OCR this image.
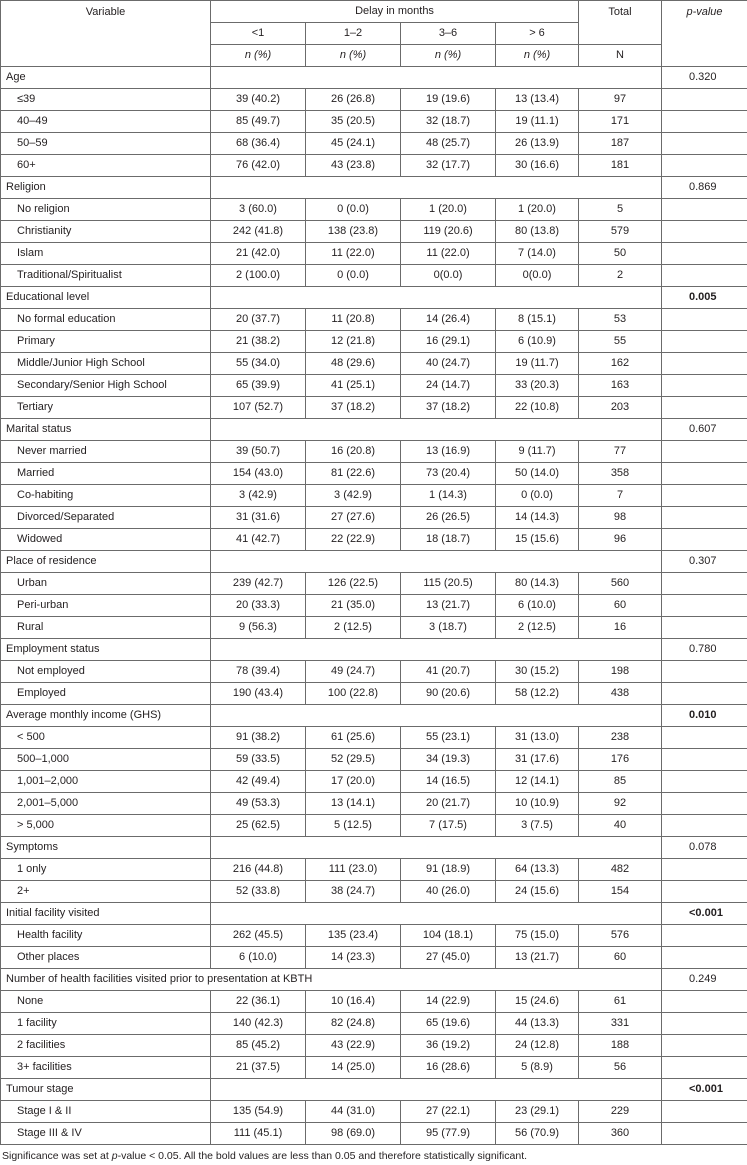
Variable	Delay in months				Total	p-value
	<1	1–2	3–6	> 6		
	n (%)	n (%)	n (%)	n (%)	N	
Age						0.320
≤39	39 (40.2)	26 (26.8)	19 (19.6)	13 (13.4)	97	
40–49	85 (49.7)	35 (20.5)	32 (18.7)	19 (11.1)	171	
50–59	68 (36.4)	45 (24.1)	48 (25.7)	26 (13.9)	187	
60+	76 (42.0)	43 (23.8)	32 (17.7)	30 (16.6)	181	
Religion						0.869
No religion	3 (60.0)	0 (0.0)	1 (20.0)	1 (20.0)	5	
Christianity	242 (41.8)	138 (23.8)	119 (20.6)	80 (13.8)	579	
Islam	21 (42.0)	11 (22.0)	11 (22.0)	7 (14.0)	50	
Traditional/Spiritualist	2 (100.0)	0 (0.0)	0(0.0)	0(0.0)	2	
Educational level						0.005
No formal education	20 (37.7)	11 (20.8)	14 (26.4)	8 (15.1)	53	
Primary	21 (38.2)	12 (21.8)	16 (29.1)	6 (10.9)	55	
Middle/Junior High School	55 (34.0)	48 (29.6)	40 (24.7)	19 (11.7)	162	
Secondary/Senior High School	65 (39.9)	41 (25.1)	24 (14.7)	33 (20.3)	163	
Tertiary	107 (52.7)	37 (18.2)	37 (18.2)	22 (10.8)	203	
Marital status						0.607
Never married	39 (50.7)	16 (20.8)	13 (16.9)	9 (11.7)	77	
Married	154 (43.0)	81 (22.6)	73 (20.4)	50 (14.0)	358	
Co-habiting	3 (42.9)	3 (42.9)	1 (14.3)	0 (0.0)	7	
Divorced/Separated	31 (31.6)	27 (27.6)	26 (26.5)	14 (14.3)	98	
Widowed	41 (42.7)	22 (22.9)	18 (18.7)	15 (15.6)	96	
Place of residence						0.307
Urban	239 (42.7)	126 (22.5)	115 (20.5)	80 (14.3)	560	
Peri-urban	20 (33.3)	21 (35.0)	13 (21.7)	6 (10.0)	60	
Rural	9 (56.3)	2 (12.5)	3 (18.7)	2 (12.5)	16	
Employment status						0.780
Not employed	78 (39.4)	49 (24.7)	41 (20.7)	30 (15.2)	198	
Employed	190 (43.4)	100 (22.8)	90 (20.6)	58 (12.2)	438	
Average monthly income (GHS)						0.010
< 500	91 (38.2)	61 (25.6)	55 (23.1)	31 (13.0)	238	
500–1,000	59 (33.5)	52 (29.5)	34 (19.3)	31 (17.6)	176	
1,001–2,000	42 (49.4)	17 (20.0)	14 (16.5)	12 (14.1)	85	
2,001–5,000	49 (53.3)	13 (14.1)	20 (21.7)	10 (10.9)	92	
> 5,000	25 (62.5)	5 (12.5)	7 (17.5)	3 (7.5)	40	
Symptoms						0.078
1 only	216 (44.8)	111 (23.0)	91 (18.9)	64 (13.3)	482	
2+	52 (33.8)	38 (24.7)	40 (26.0)	24 (15.6)	154	
Initial facility visited						<0.001
Health facility	262 (45.5)	135 (23.4)	104 (18.1)	75 (15.0)	576	
Other places	6 (10.0)	14 (23.3)	27 (45.0)	13 (21.7)	60	
Number of health facilities visited prior to presentation at KBTH						0.249
None	22 (36.1)	10 (16.4)	14 (22.9)	15 (24.6)	61	
1 facility	140 (42.3)	82 (24.8)	65 (19.6)	44 (13.3)	331	
2 facilities	85 (45.2)	43 (22.9)	36 (19.2)	24 (12.8)	188	
3+ facilities	21 (37.5)	14 (25.0)	16 (28.6)	5 (8.9)	56	
Tumour stage						<0.001
Stage I & II	135 (54.9)	44 (31.0)	27 (22.1)	23 (29.1)	229	
Stage III & IV	111 (45.1)	98 (69.0)	95 (77.9)	56 (70.9)	360	
Significance was set at p-value < 0.05. All the bold values are less than 0.05 and therefore statistically significant.
